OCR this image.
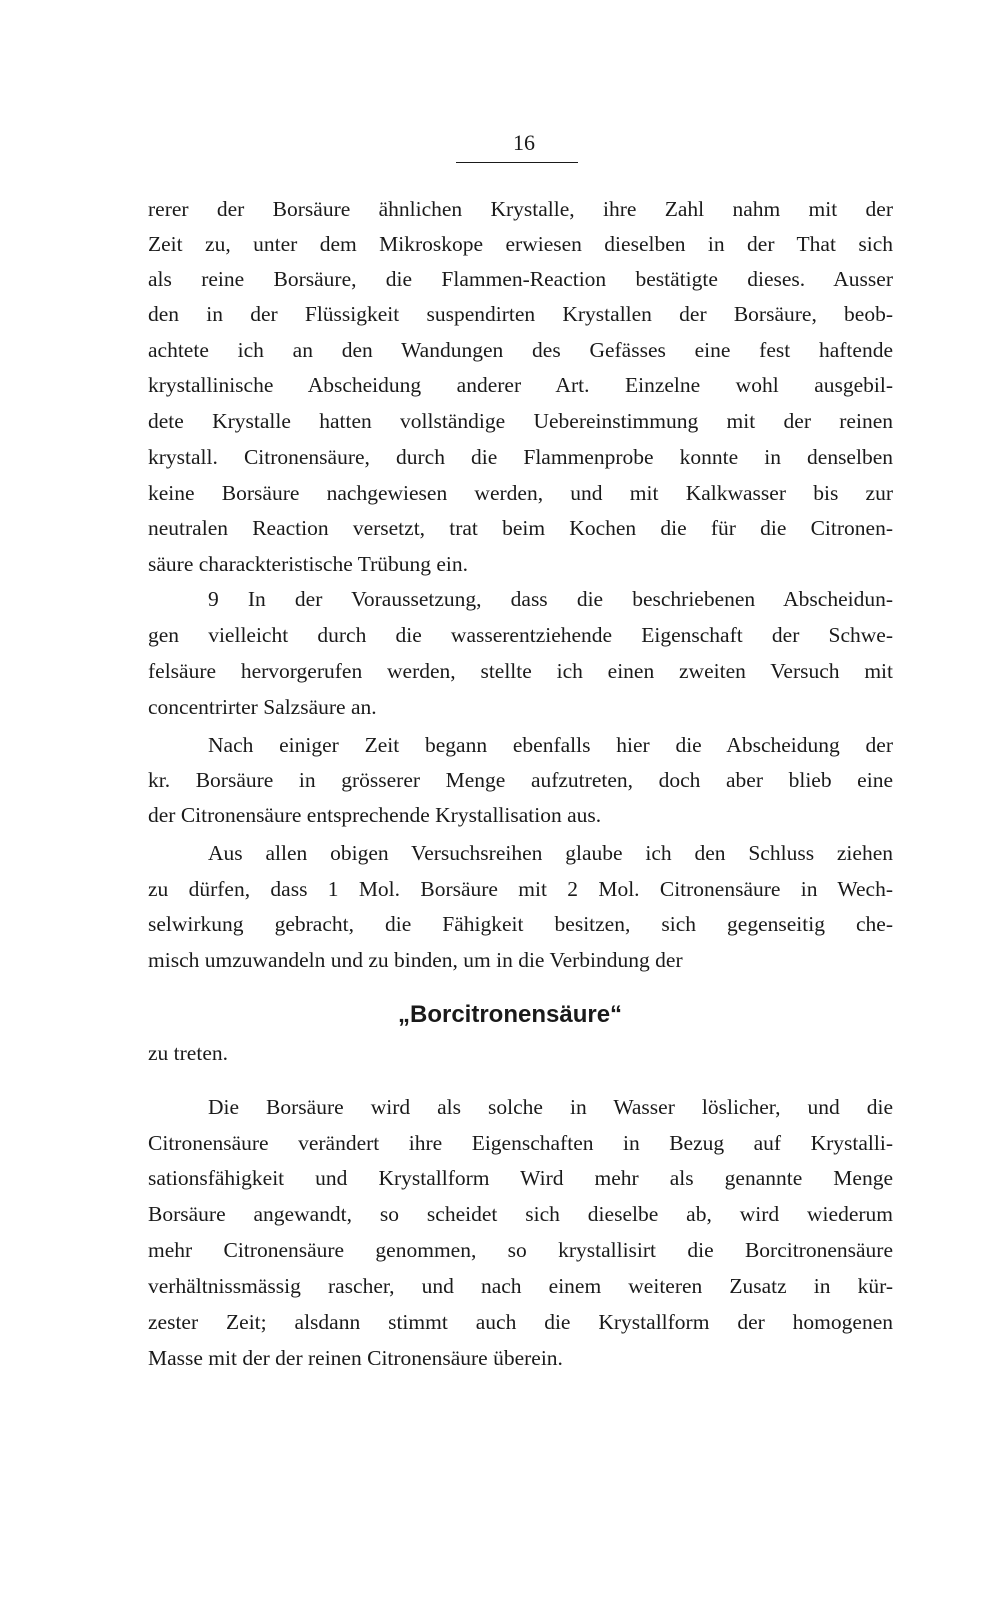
16
rerer der Borsäure ähnlichen Krystalle, ihre Zahl nahm mit der
Zeit zu, unter dem Mikroskope erwiesen dieselben in der That sich
als reine Borsäure, die Flammen-Reaction bestätigte dieses. Ausser
den in der Flüssigkeit suspendirten Krystallen der Borsäure, beob-
achtete ich an den Wandungen des Gefässes eine fest haftende
krystallinische Abscheidung anderer Art. Einzelne wohl ausgebil-
dete Krystalle hatten vollständige Uebereinstimmung mit der reinen
krystall. Citronensäure, durch die Flammenprobe konnte in denselben
keine Borsäure nachgewiesen werden, und mit Kalkwasser bis zur
neutralen Reaction versetzt, trat beim Kochen die für die Citronen-
säure charackteristische Trübung ein.
9 In der Voraussetzung, dass die beschriebenen Abscheidun-
gen vielleicht durch die wasserentziehende Eigenschaft der Schwe-
felsäure hervorgerufen werden, stellte ich einen zweiten Versuch mit
concentrirter Salzsäure an.
Nach einiger Zeit begann ebenfalls hier die Abscheidung der
kr. Borsäure in grösserer Menge aufzutreten, doch aber blieb eine
der Citronensäure entsprechende Krystallisation aus.
Aus allen obigen Versuchsreihen glaube ich den Schluss ziehen
zu dürfen, dass 1 Mol. Borsäure mit 2 Mol. Citronensäure in Wech-
selwirkung gebracht, die Fähigkeit besitzen, sich gegenseitig che-
misch umzuwandeln und zu binden, um in die Verbindung der
„Borcitronensäure“
zu treten.
Die Borsäure wird als solche in Wasser löslicher, und die
Citronensäure verändert ihre Eigenschaften in Bezug auf Krystalli-
sationsfähigkeit und Krystallform Wird mehr als genannte Menge
Borsäure angewandt, so scheidet sich dieselbe ab, wird wiederum
mehr Citronensäure genommen, so krystallisirt die Borcitronensäure
verhältnissmässig rascher, und nach einem weiteren Zusatz in kür-
zester Zeit; alsdann stimmt auch die Krystallform der homogenen
Masse mit der der reinen Citronensäure überein.
